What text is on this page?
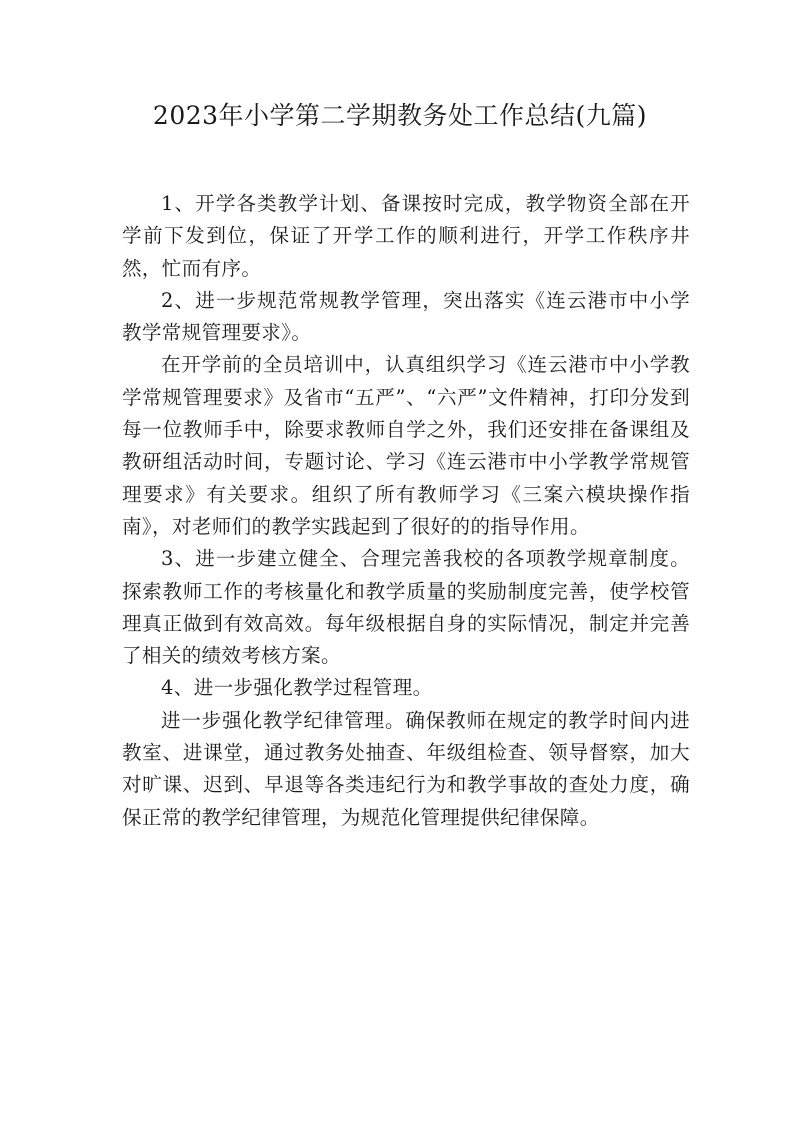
2023年小学第二学期教务处工作总结(九篇)

1、开学各类教学计划、备课按时完成，教学物资全部在开学前下发到位，保证了开学工作的顺利进行，开学工作秩序井然，忙而有序。

2、进一步规范常规教学管理，突出落实《连云港市中小学教学常规管理要求》。

在开学前的全员培训中，认真组织学习《连云港市中小学教学常规管理要求》及省市“五严”、“六严”文件精神，打印分发到每一位教师手中，除要求教师自学之外，我们还安排在备课组及教研组活动时间，专题讨论、学习《连云港市中小学教学常规管理要求》有关要求。组织了所有教师学习《三案六模块操作指南》，对老师们的教学实践起到了很好的的指导作用。

3、进一步建立健全、合理完善我校的各项教学规章制度。探索教师工作的考核量化和教学质量的奖励制度完善，使学校管理真正做到有效高效。每年级根据自身的实际情况，制定并完善了相关的绩效考核方案。

4、进一步强化教学过程管理。

进一步强化教学纪律管理。确保教师在规定的教学时间内进教室、进课堂，通过教务处抽查、年级组检查、领导督察，加大对旷课、迟到、早退等各类违纪行为和教学事故的查处力度，确保正常的教学纪律管理，为规范化管理提供纪律保障。
